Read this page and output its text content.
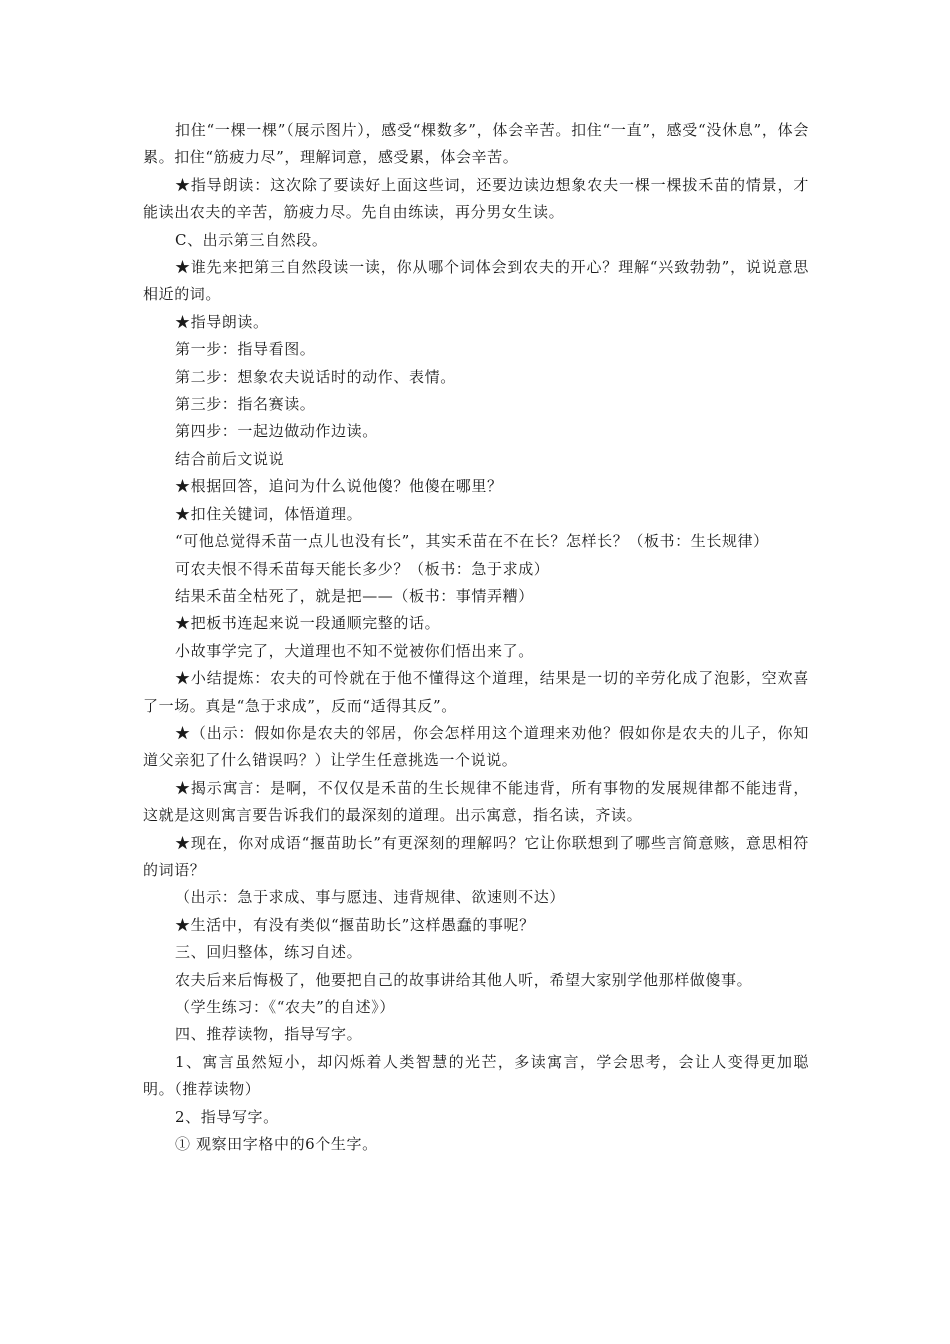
扣住“一棵一棵”（展示图片），感受“棵数多”，体会辛苦。扣住“一直”，感受“没休息”，体会累。扣住“筋疲力尽”，理解词意，感受累，体会辛苦。

★指导朗读：这次除了要读好上面这些词，还要边读边想象农夫一棵一棵拔禾苗的情景，才能读出农夫的辛苦，筋疲力尽。先自由练读，再分男女生读。

C、出示第三自然段。

★谁先来把第三自然段读一读，你从哪个词体会到农夫的开心？理解“兴致勃勃”，说说意思相近的词。

★指导朗读。

第一步：指导看图。

第二步：想象农夫说话时的动作、表情。

第三步：指名赛读。

第四步：一起边做动作边读。

结合前后文说说

★根据回答，追问为什么说他傻？他傻在哪里？

★扣住关键词，体悟道理。

“可他总觉得禾苗一点儿也没有长”，其实禾苗在不在长？怎样长？（板书：生长规律）

可农夫恨不得禾苗每天能长多少？（板书：急于求成）

结果禾苗全枯死了，就是把——（板书：事情弄糟）

★把板书连起来说一段通顺完整的话。

小故事学完了，大道理也不知不觉被你们悟出来了。

★小结提炼：农夫的可怜就在于他不懂得这个道理，结果是一切的辛劳化成了泡影，空欢喜了一场。真是“急于求成”，反而“适得其反”。

★（出示：假如你是农夫的邻居，你会怎样用这个道理来劝他？假如你是农夫的儿子，你知道父亲犯了什么错误吗？）让学生任意挑选一个说说。

★揭示寓言：是啊，不仅仅是禾苗的生长规律不能违背，所有事物的发展规律都不能违背，这就是这则寓言要告诉我们的最深刻的道理。出示寓意，指名读，齐读。

★现在，你对成语“揠苗助长”有更深刻的理解吗？它让你联想到了哪些言简意赅，意思相符的词语？

（出示：急于求成、事与愿违、违背规律、欲速则不达）

★生活中，有没有类似“揠苗助长”这样愚蠢的事呢？

三、回归整体，练习自述。

农夫后来后悔极了，他要把自己的故事讲给其他人听，希望大家别学他那样做傻事。

（学生练习：《“农夫”的自述》）

四、推荐读物，指导写字。

1、寓言虽然短小，却闪烁着人类智慧的光芒，多读寓言，学会思考，会让人变得更加聪明。（推荐读物）

2、指导写字。

① 观察田字格中的6个生字。
